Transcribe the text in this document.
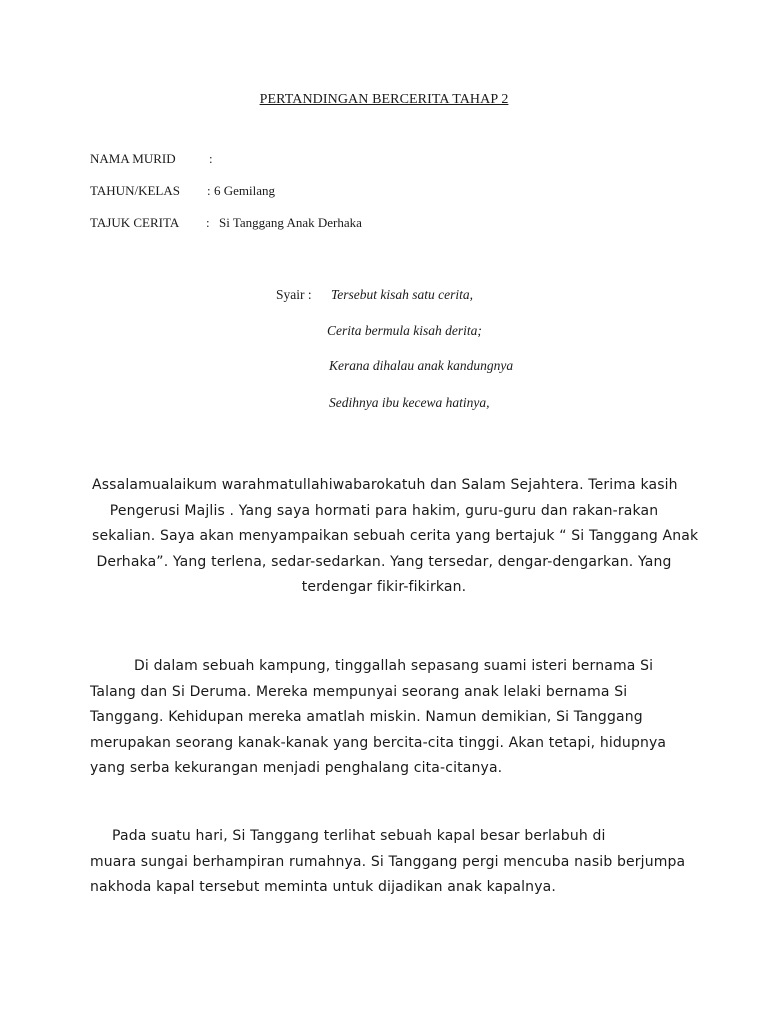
PERTANDINGAN BERCERITA TAHAP 2
NAMA MURID	:
TAHUN/KELAS : 6 Gemilang
TAJUK CERITA : Si Tanggang Anak Derhaka
Syair : Tersebut kisah satu cerita,
Cerita bermula kisah derita;
Kerana dihalau anak kandungnya
Sedihnya ibu kecewa hatinya,
Assalamualaikum warahmatullahiwabarokatuh dan Salam Sejahtera. Terima kasih
Pengerusi Majlis . Yang saya hormati para hakim, guru-guru dan rakan-rakan
sekalian. Saya akan menyampaikan sebuah cerita yang bertajuk “ Si Tanggang Anak
Derhaka”. Yang terlena, sedar-sedarkan. Yang tersedar, dengar-dengarkan. Yang
terdengar fikir-fikirkan.
Di dalam sebuah kampung, tinggallah sepasang suami isteri bernama Si
Talang dan Si Deruma. Mereka mempunyai seorang anak lelaki bernama Si
Tanggang. Kehidupan mereka amatlah miskin. Namun demikian, Si Tanggang
merupakan seorang kanak-kanak yang bercita-cita tinggi. Akan tetapi, hidupnya
yang serba kekurangan menjadi penghalang cita-citanya.
Pada suatu hari, Si Tanggang terlihat sebuah kapal besar berlabuh di
muara sungai berhampiran rumahnya. Si Tanggang pergi mencuba nasib berjumpa
nakhoda kapal tersebut meminta untuk dijadikan anak kapalnya.
